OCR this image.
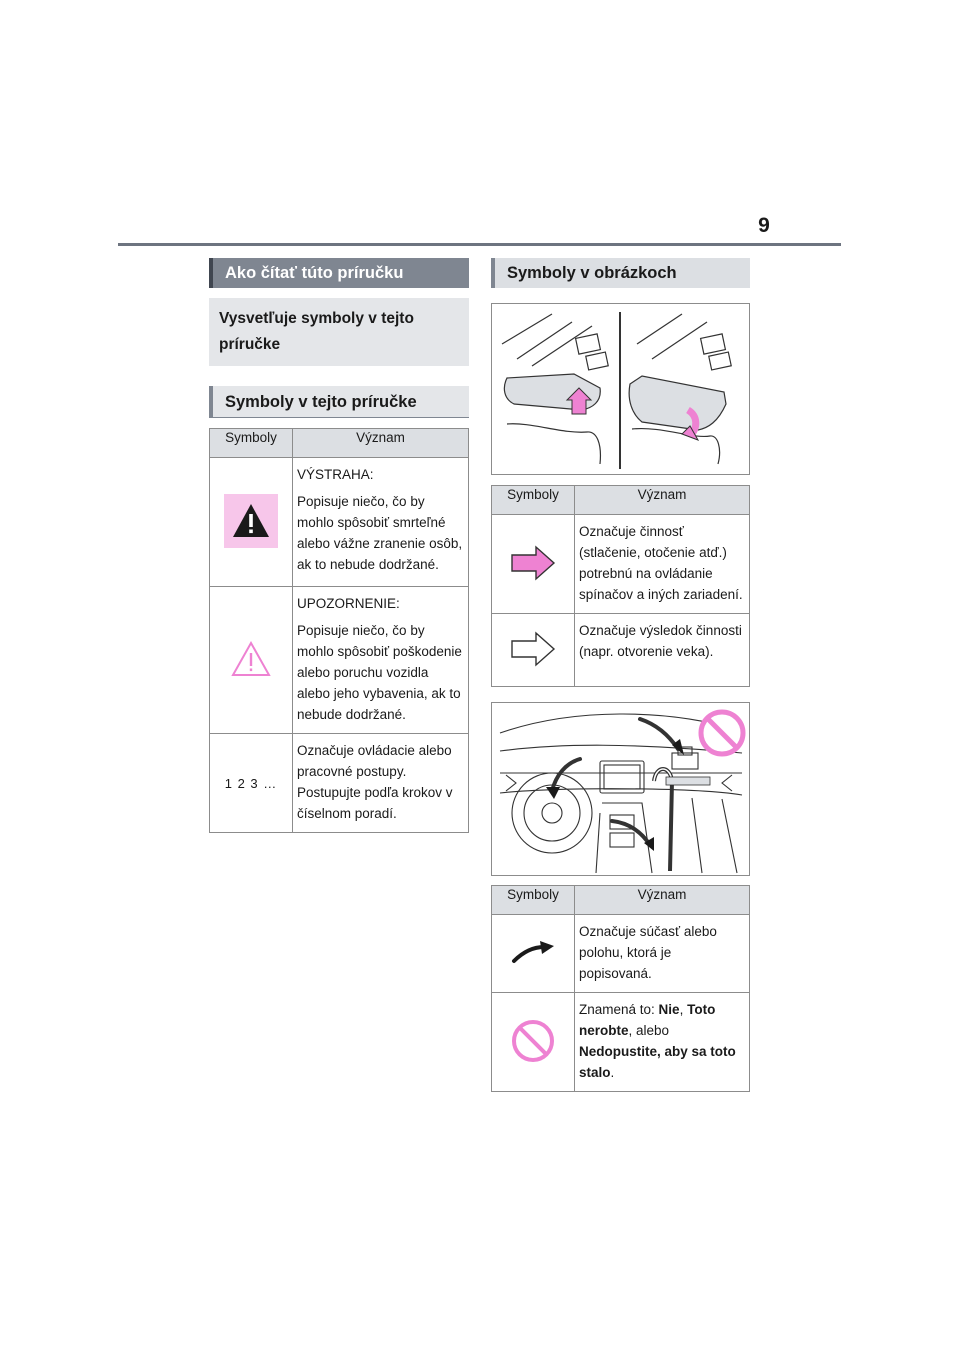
9
Ako čítať túto príručku
Vysvetľuje symboly v tejto príručke
Symboly v tejto príručke
Symboly	Význam

VÝSTRAHA:
Popisuje niečo, čo by mohlo spôsobiť smrteľné alebo vážne zranenie osôb, ak to nebude dodržané.

UPOZORNENIE:
Popisuje niečo, čo by mohlo spôsobiť poškodenie alebo poruchu vozidla alebo jeho vybavenia, ak to nebude dodržané.

1 2 3 …	Označuje ovládacie alebo pracovné postupy. Postupujte podľa krokov v číselnom poradí.
Symboly v obrázkoch
Symboly	Význam

Označuje činnosť (stlačenie, otočenie atď.) potrebnú na ovládanie spínačov a iných zariadení.

Označuje výsledok činnosti (napr. otvorenie veka).
Symboly	Význam

Označuje súčasť alebo polohu, ktorá je popisovaná.

Znamená to: Nie, Toto nerobte, alebo Nedopustite, aby sa toto stalo.
